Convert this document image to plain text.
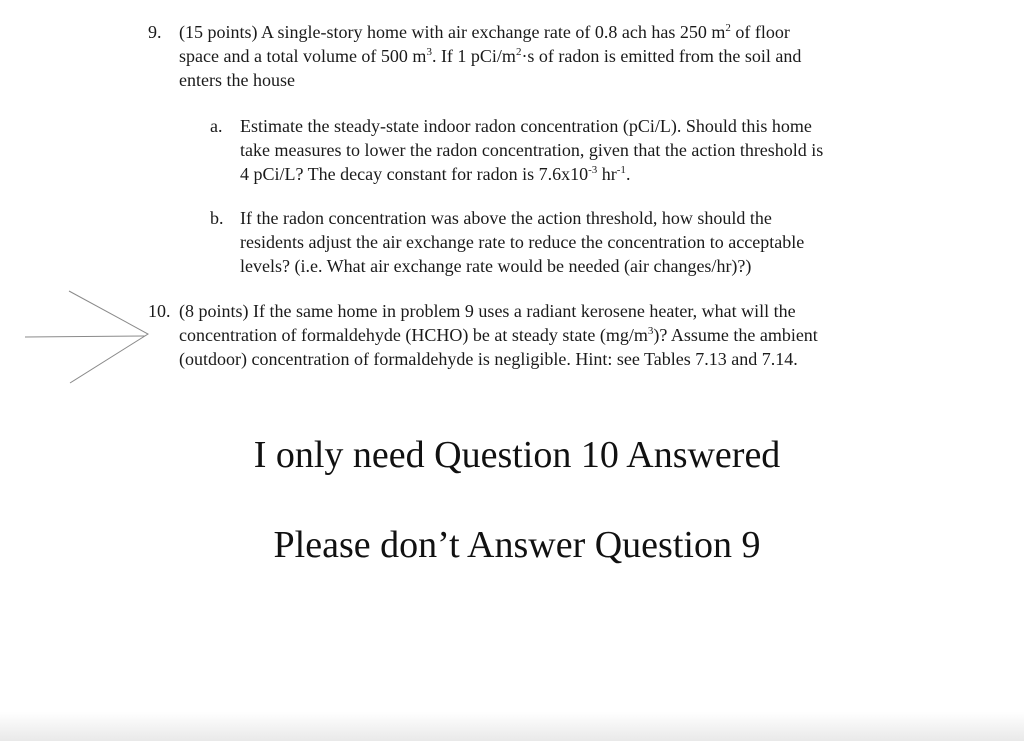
9. (15 points) A single-story home with air exchange rate of 0.8 ach has 250 $m^2$ of floor
space and a total volume of 500 $m^3$. If 1 pCi/$m^2\cdot s$ of radon is emitted from the soil and
enters the house
a. Estimate the steady-state indoor radon concentration (pCi/L). Should this home
take measures to lower the radon concentration, given that the action threshold is
4 pCi/L? The decay constant for radon is $7.6x10^{-3}$ $hr^{-1}$.
b. If the radon concentration was above the action threshold, how should the
residents adjust the air exchange rate to reduce the concentration to acceptable
levels? (i.e. What air exchange rate would be needed (air changes/hr)?)
10. (8 points) If the same home in problem 9 uses a radiant kerosene heater, what will the
concentration of formaldehyde (HCHO) be at steady state $(mg/m^3)$? Assume the ambient
(outdoor) concentration of formaldehyde is negligible. Hint: see Tables 7.13 and 7.14.
I only need Question 10 Answered
Please don’t Answer Question 9
